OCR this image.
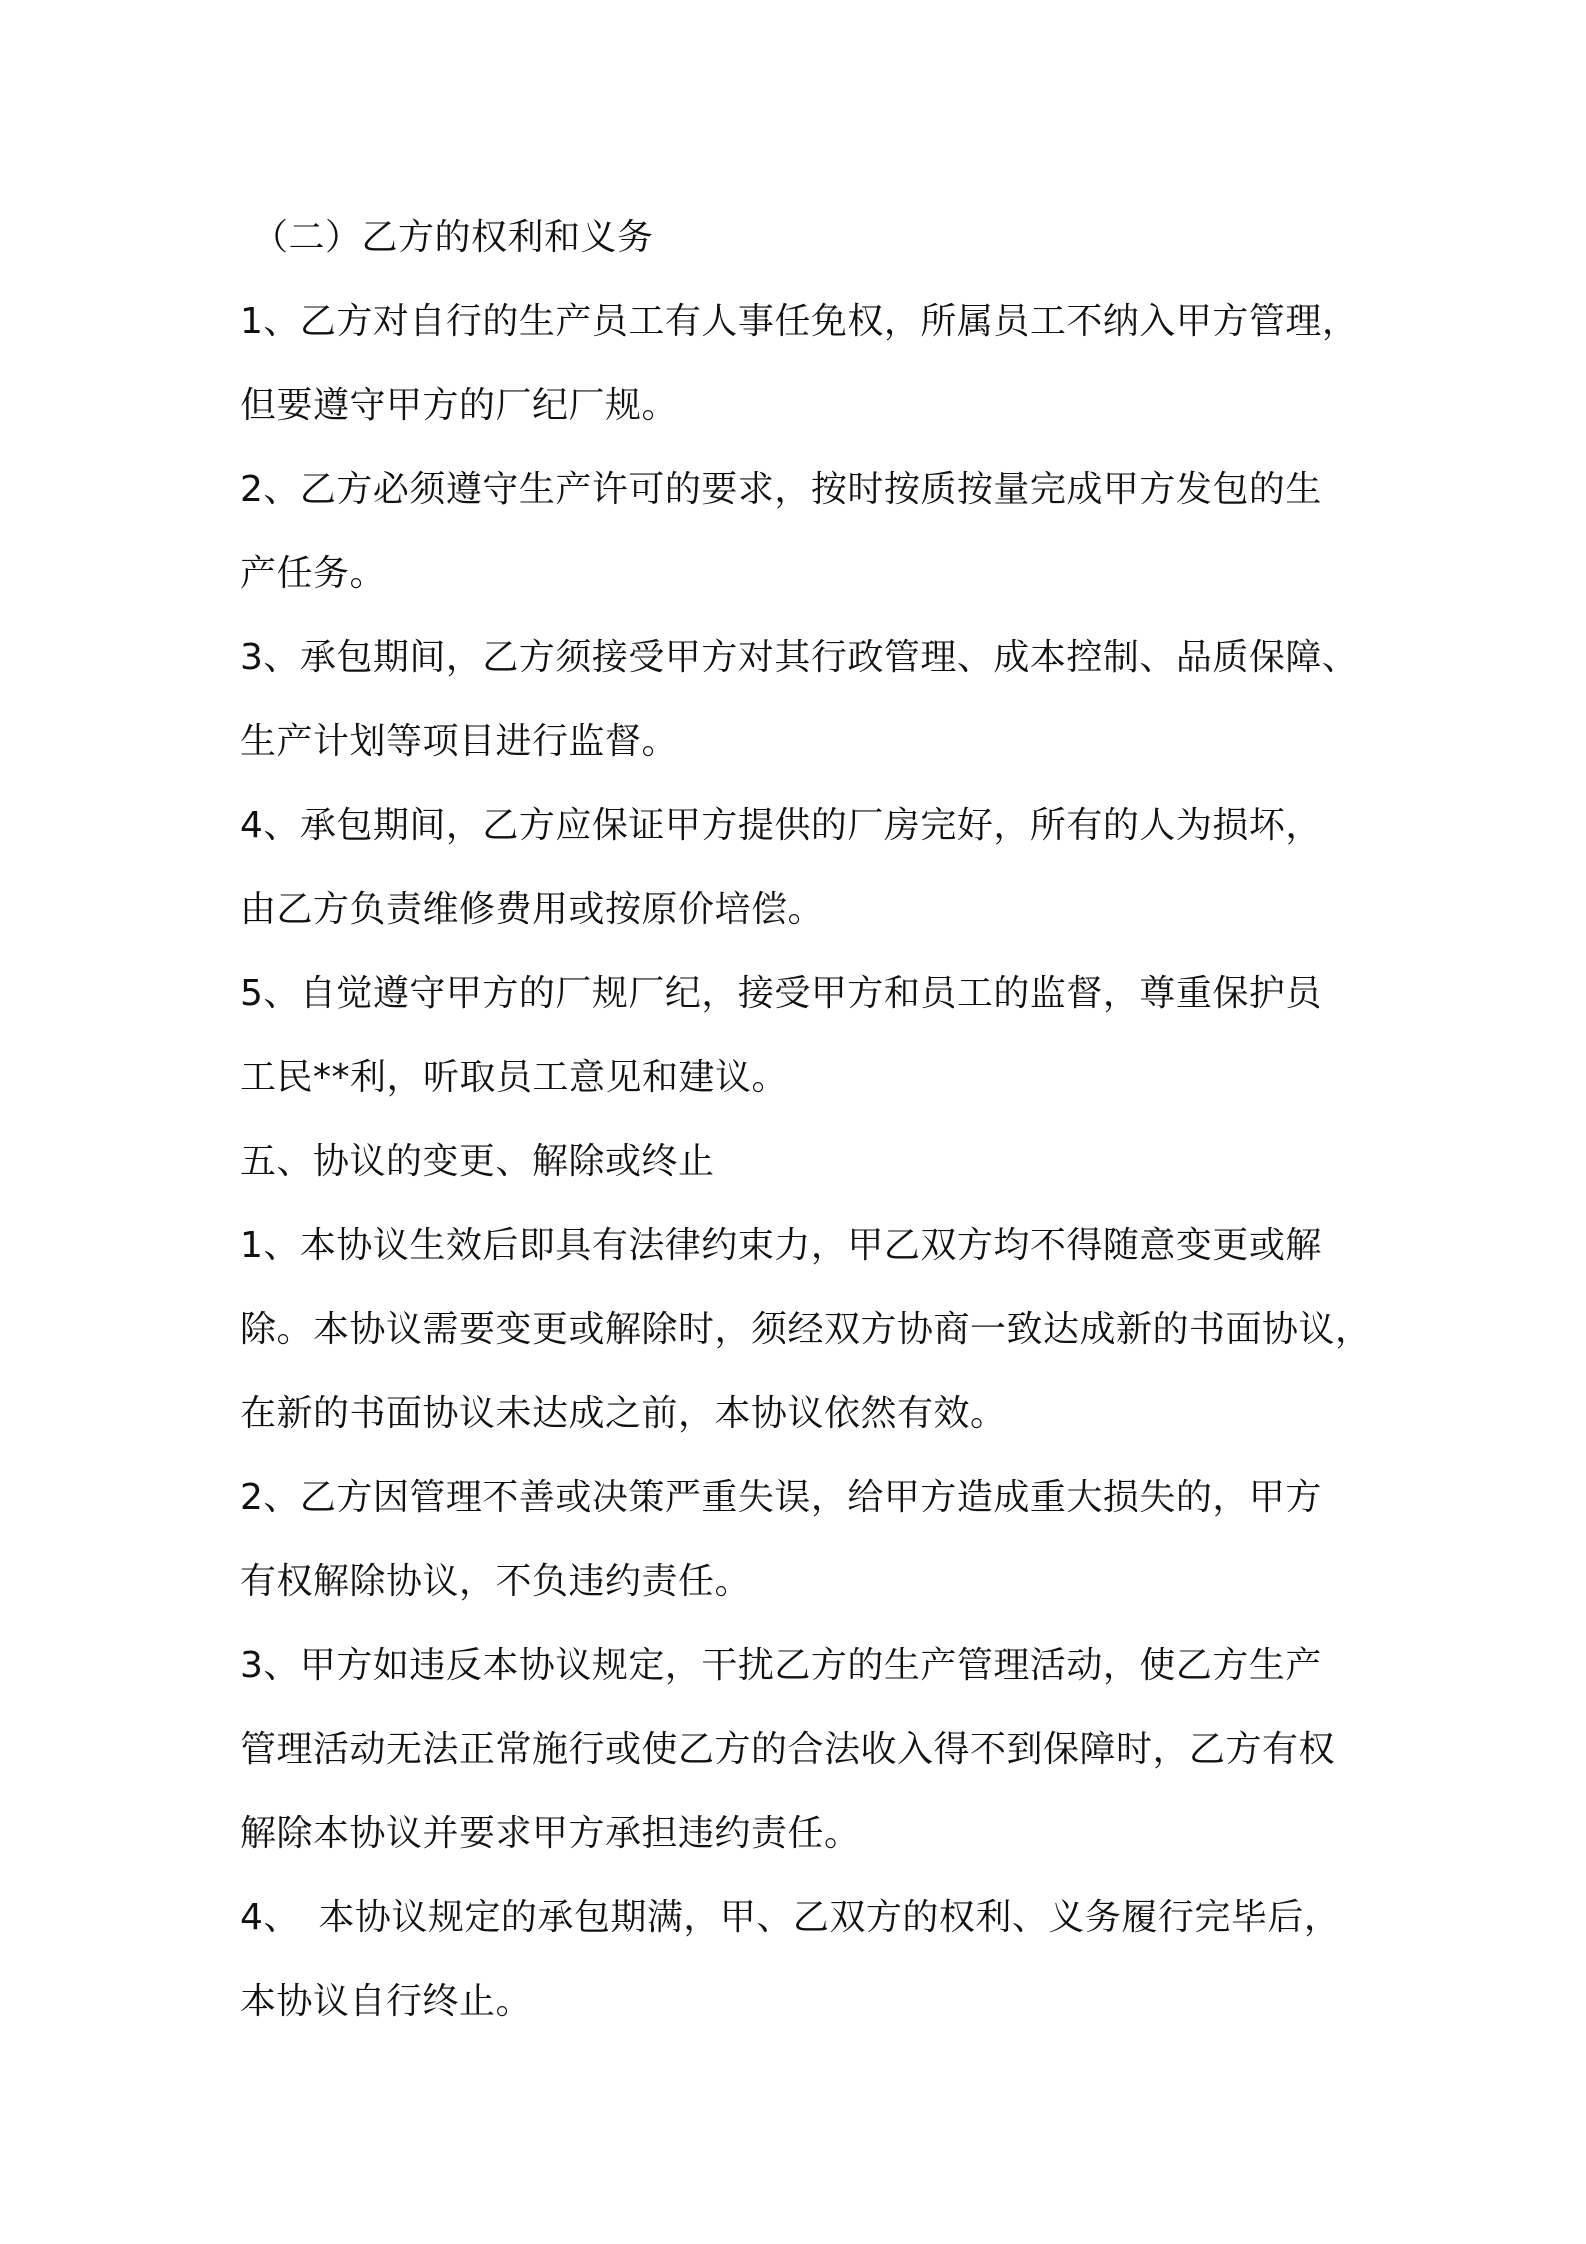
（二）乙方的权利和义务
1、乙方对自行的生产员工有人事任免权，所属员工不纳入甲方管理，
但要遵守甲方的厂纪厂规。
2、乙方必须遵守生产许可的要求，按时按质按量完成甲方发包的生
产任务。
3、承包期间，乙方须接受甲方对其行政管理、成本控制、品质保障、
生产计划等项目进行监督。
4、承包期间，乙方应保证甲方提供的厂房完好，所有的人为损坏，
由乙方负责维修费用或按原价培偿。
5、自觉遵守甲方的厂规厂纪，接受甲方和员工的监督，尊重保护员
工民**利，听取员工意见和建议。
五、协议的变更、解除或终止
1、本协议生效后即具有法律约束力，甲乙双方均不得随意变更或解
除。本协议需要变更或解除时，须经双方协商一致达成新的书面协议，
在新的书面协议未达成之前，本协议依然有效。
2、乙方因管理不善或决策严重失误，给甲方造成重大损失的，甲方
有权解除协议，不负违约责任。
3、甲方如违反本协议规定，干扰乙方的生产管理活动，使乙方生产
管理活动无法正常施行或使乙方的合法收入得不到保障时，乙方有权
解除本协议并要求甲方承担违约责任。
4、　本协议规定的承包期满，甲、乙双方的权利、义务履行完毕后，
本协议自行终止。
